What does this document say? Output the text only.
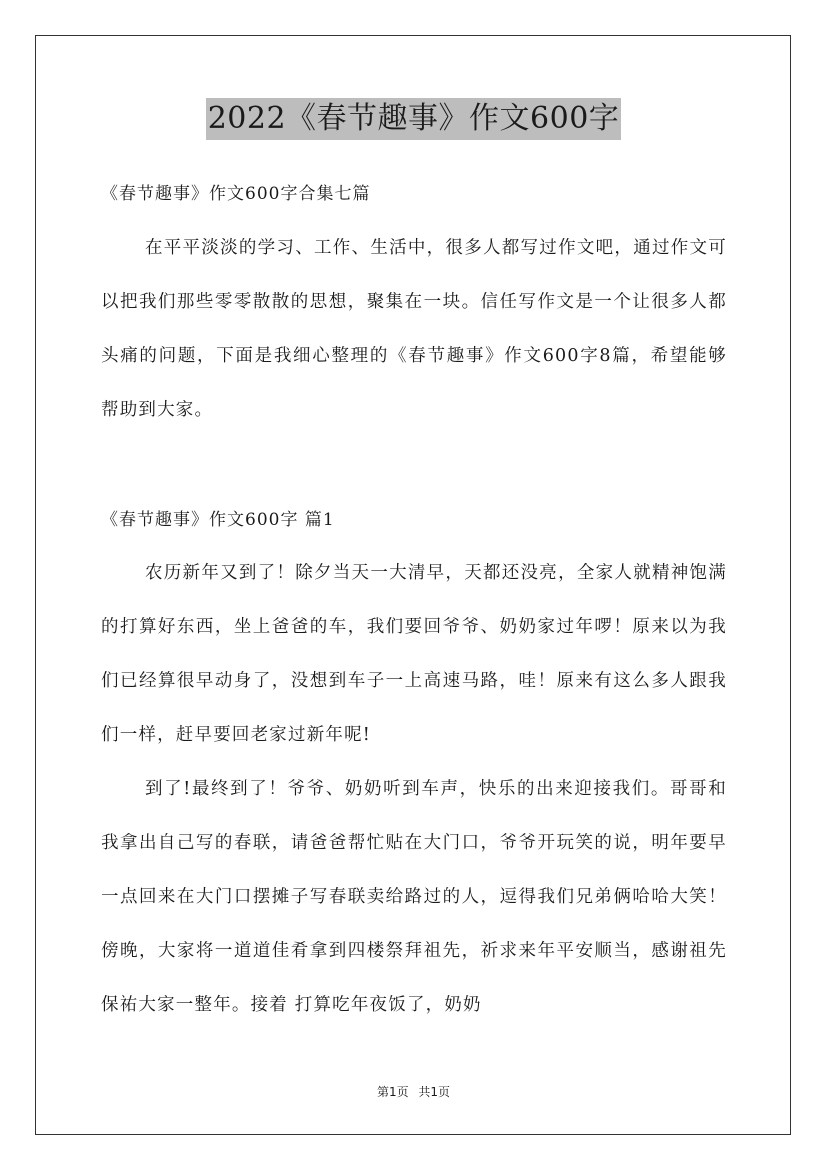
2022《春节趣事》作文600字
《春节趣事》作文600字合集七篇

在平平淡淡的学习、工作、生活中，很多人都写过作文吧，通过作文可以把我们那些零零散散的思想，聚集在一块。信任写作文是一个让很多人都头痛的问题，下面是我细心整理的《春节趣事》作文600字8篇，希望能够帮助到大家。

《春节趣事》作文600字 篇1

农历新年又到了！除夕当天一大清早，天都还没亮，全家人就精神饱满的打算好东西，坐上爸爸的车，我们要回爷爷、奶奶家过年啰！原来以为我们已经算很早动身了，没想到车子一上高速马路，哇！原来有这么多人跟我们一样，赶早要回老家过新年呢!

到了!最终到了！爷爷、奶奶听到车声，快乐的出来迎接我们。哥哥和我拿出自己写的春联，请爸爸帮忙贴在大门口，爷爷开玩笑的说，明年要早一点回来在大门口摆摊子写春联卖给路过的人，逗得我们兄弟俩哈哈大笑！傍晚，大家将一道道佳肴拿到四楼祭拜祖先，祈求来年平安顺当，感谢祖先保祐大家一整年。接着 打算吃年夜饭了，奶奶

第1页 共1页
